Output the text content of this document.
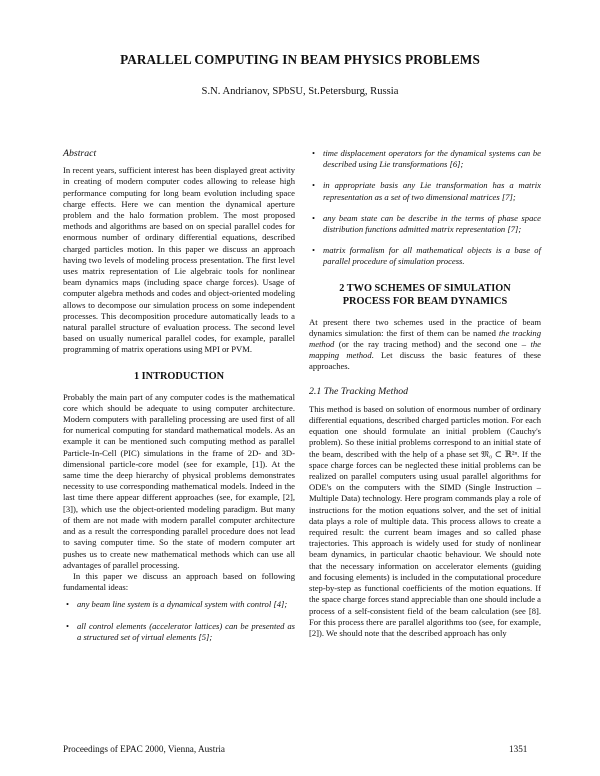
PARALLEL COMPUTING IN BEAM PHYSICS PROBLEMS
S.N. Andrianov, SPbSU, St.Petersburg, Russia
Abstract

In recent years, sufficient interest has been displayed great activity in creating of modern computer codes allowing to release high performance computing for long beam evolution including space charge effects. Here we can mention the dynamical aperture problem and the halo formation problem. The most proposed methods and algorithms are based on on special parallel codes for enormous number of ordinary differential equations, described charged particles motion. In this paper we discuss an approach having two levels of modeling process presentation. The first level uses matrix representation of Lie algebraic tools for nonlinear beam dynamics maps (including space charge forces). Usage of computer algebra methods and codes and object-oriented modeling allows to decompose our simulation process on some independent processes. This decomposition procedure automatically leads to a natural parallel structure of evaluation process. The second level based on usually numerical parallel codes, for example, parallel programming of matrix operations using MPI or PVM.

1 INTRODUCTION

Probably the main part of any computer codes is the mathematical core which should be adequate to using computer architecture. Modern computers with paralleling processing are used first of all for numerical computing for standard mathematical models. As an example it can be mentioned such computing method as parallel Particle-In-Cell (PIC) simulations in the frame of 2D- and 3D-dimensional particle-core model (see for example, [1]). At the same time the deep hierarchy of physical problems demonstrates necessity to use corresponding mathematical models. Indeed in the last time there appear different approaches (see, for example, [2], [3]), which use the object-oriented modeling paradigm. But many of them are not made with modern parallel computer architecture and as a result the corresponding parallel procedure does not lead to saving computer time. So the state of modern computer art pushes us to create new mathematical methods which can use all advantages of parallel processing.

In this paper we discuss an approach based on following fundamental ideas:

• any beam line system is a dynamical system with control [4];
• all control elements (accelerator lattices) can be presented as a structured set of virtual elements [5];
• time displacement operators for the dynamical systems can be described using Lie transformations [6];
• in appropriate basis any Lie transformation has a matrix representation as a set of two dimensional matrices [7];
• any beam state can be describe in the terms of phase space distribution functions admitted matrix representation [7];
• matrix formalism for all mathematical objects is a base of parallel procedure of simulation process.
2 TWO SCHEMES OF SIMULATION
PROCESS FOR BEAM DYNAMICS

At present there two schemes used in the practice of beam dynamics simulation: the first of them can be named the tracking method (or the ray tracing method) and the second one – the mapping method. Let discuss the basic features of these approaches.

2.1 The Tracking Method

This method is based on solution of enormous number of ordinary differential equations, described charged particles motion. For each equation one should formulate an initial problem (Cauchy's problem). So these initial problems correspond to an initial state of the beam, described with the help of a phase set 𝔐₀ ⊂ ℝ²ⁿ. If the space charge forces can be neglected these initial problems can be realized on parallel computers using usual parallel algorithms for ODE's on the computers with the SIMD (Single Instruction – Multiple Data) technology. Here program commands play a role of instructions for the motion equations solver, and the set of initial data plays a role of multiple data. This process allows to create a required result: the current beam images and so called phase trajectories. This approach is widely used for study of nonlinear beam dynamics, in particular chaotic behaviour. We should note that the necessary information on accelerator elements (guiding and focusing elements) is included in the computational procedure step-by-step as functional coefficients of the motion equations. If the space charge forces stand appreciable than one should include a process of a self-consistent field of the beam calculation (see [8]. For this process there are parallel algorithms too (see, for example, [2]). We should note that the described approach has only

Proceedings of EPAC 2000, Vienna, Austria	1351
